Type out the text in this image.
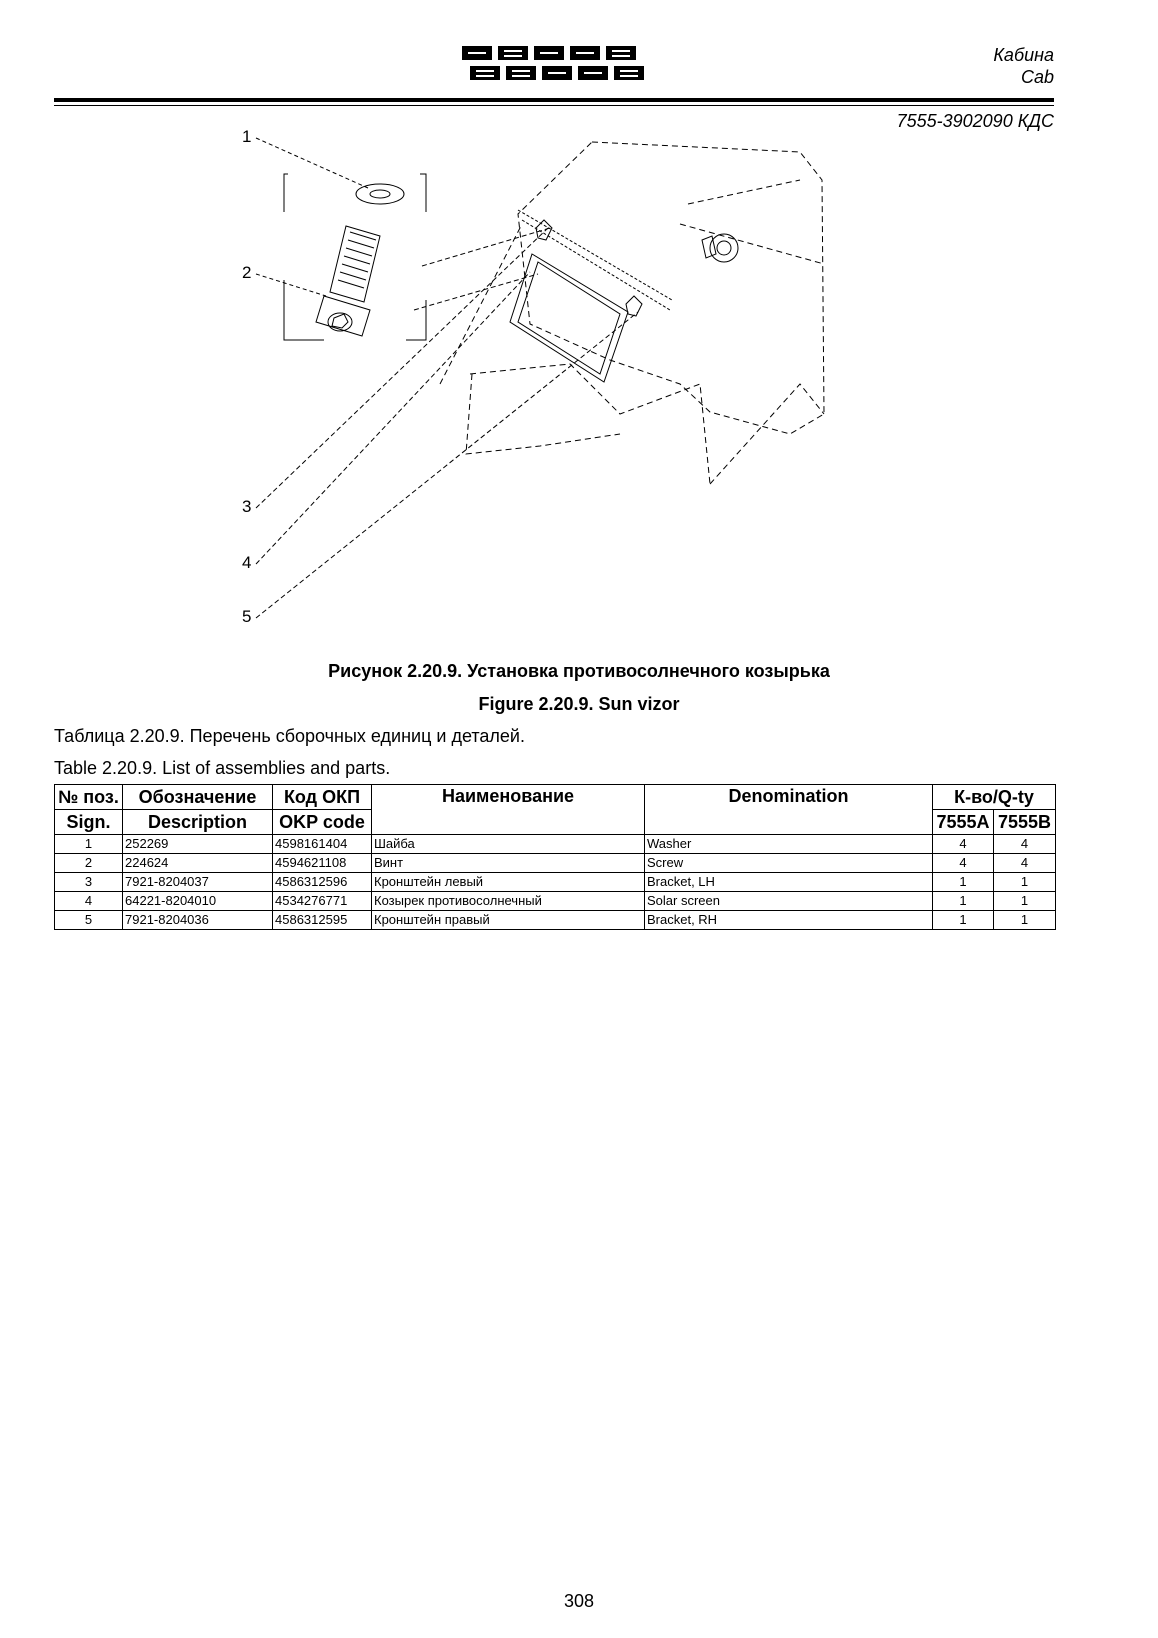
Кабина
Cab
7555-3902090 КДС
1
2
3
4
5
Рисунок 2.20.9. Установка противосолнечного козырька
Figure 2.20.9. Sun vizor
Таблица 2.20.9. Перечень сборочных единиц и деталей.
Table 2.20.9. List of assemblies and parts.
№ поз.	Обозначение	Код ОКП	Наименование	Denomination	К-во/Q-ty	
Sign.	Description	OKP code			7555A	7555B
1	252269	4598161404	Шайба	Washer	4	4
2	224624	4594621108	Винт	Screw	4	4
3	7921-8204037	4586312596	Кронштейн левый	Bracket, LH	1	1
4	64221-8204010	4534276771	Козырек противосолнечный	Solar screen	1	1
5	7921-8204036	4586312595	Кронштейн правый	Bracket, RH	1	1
308
